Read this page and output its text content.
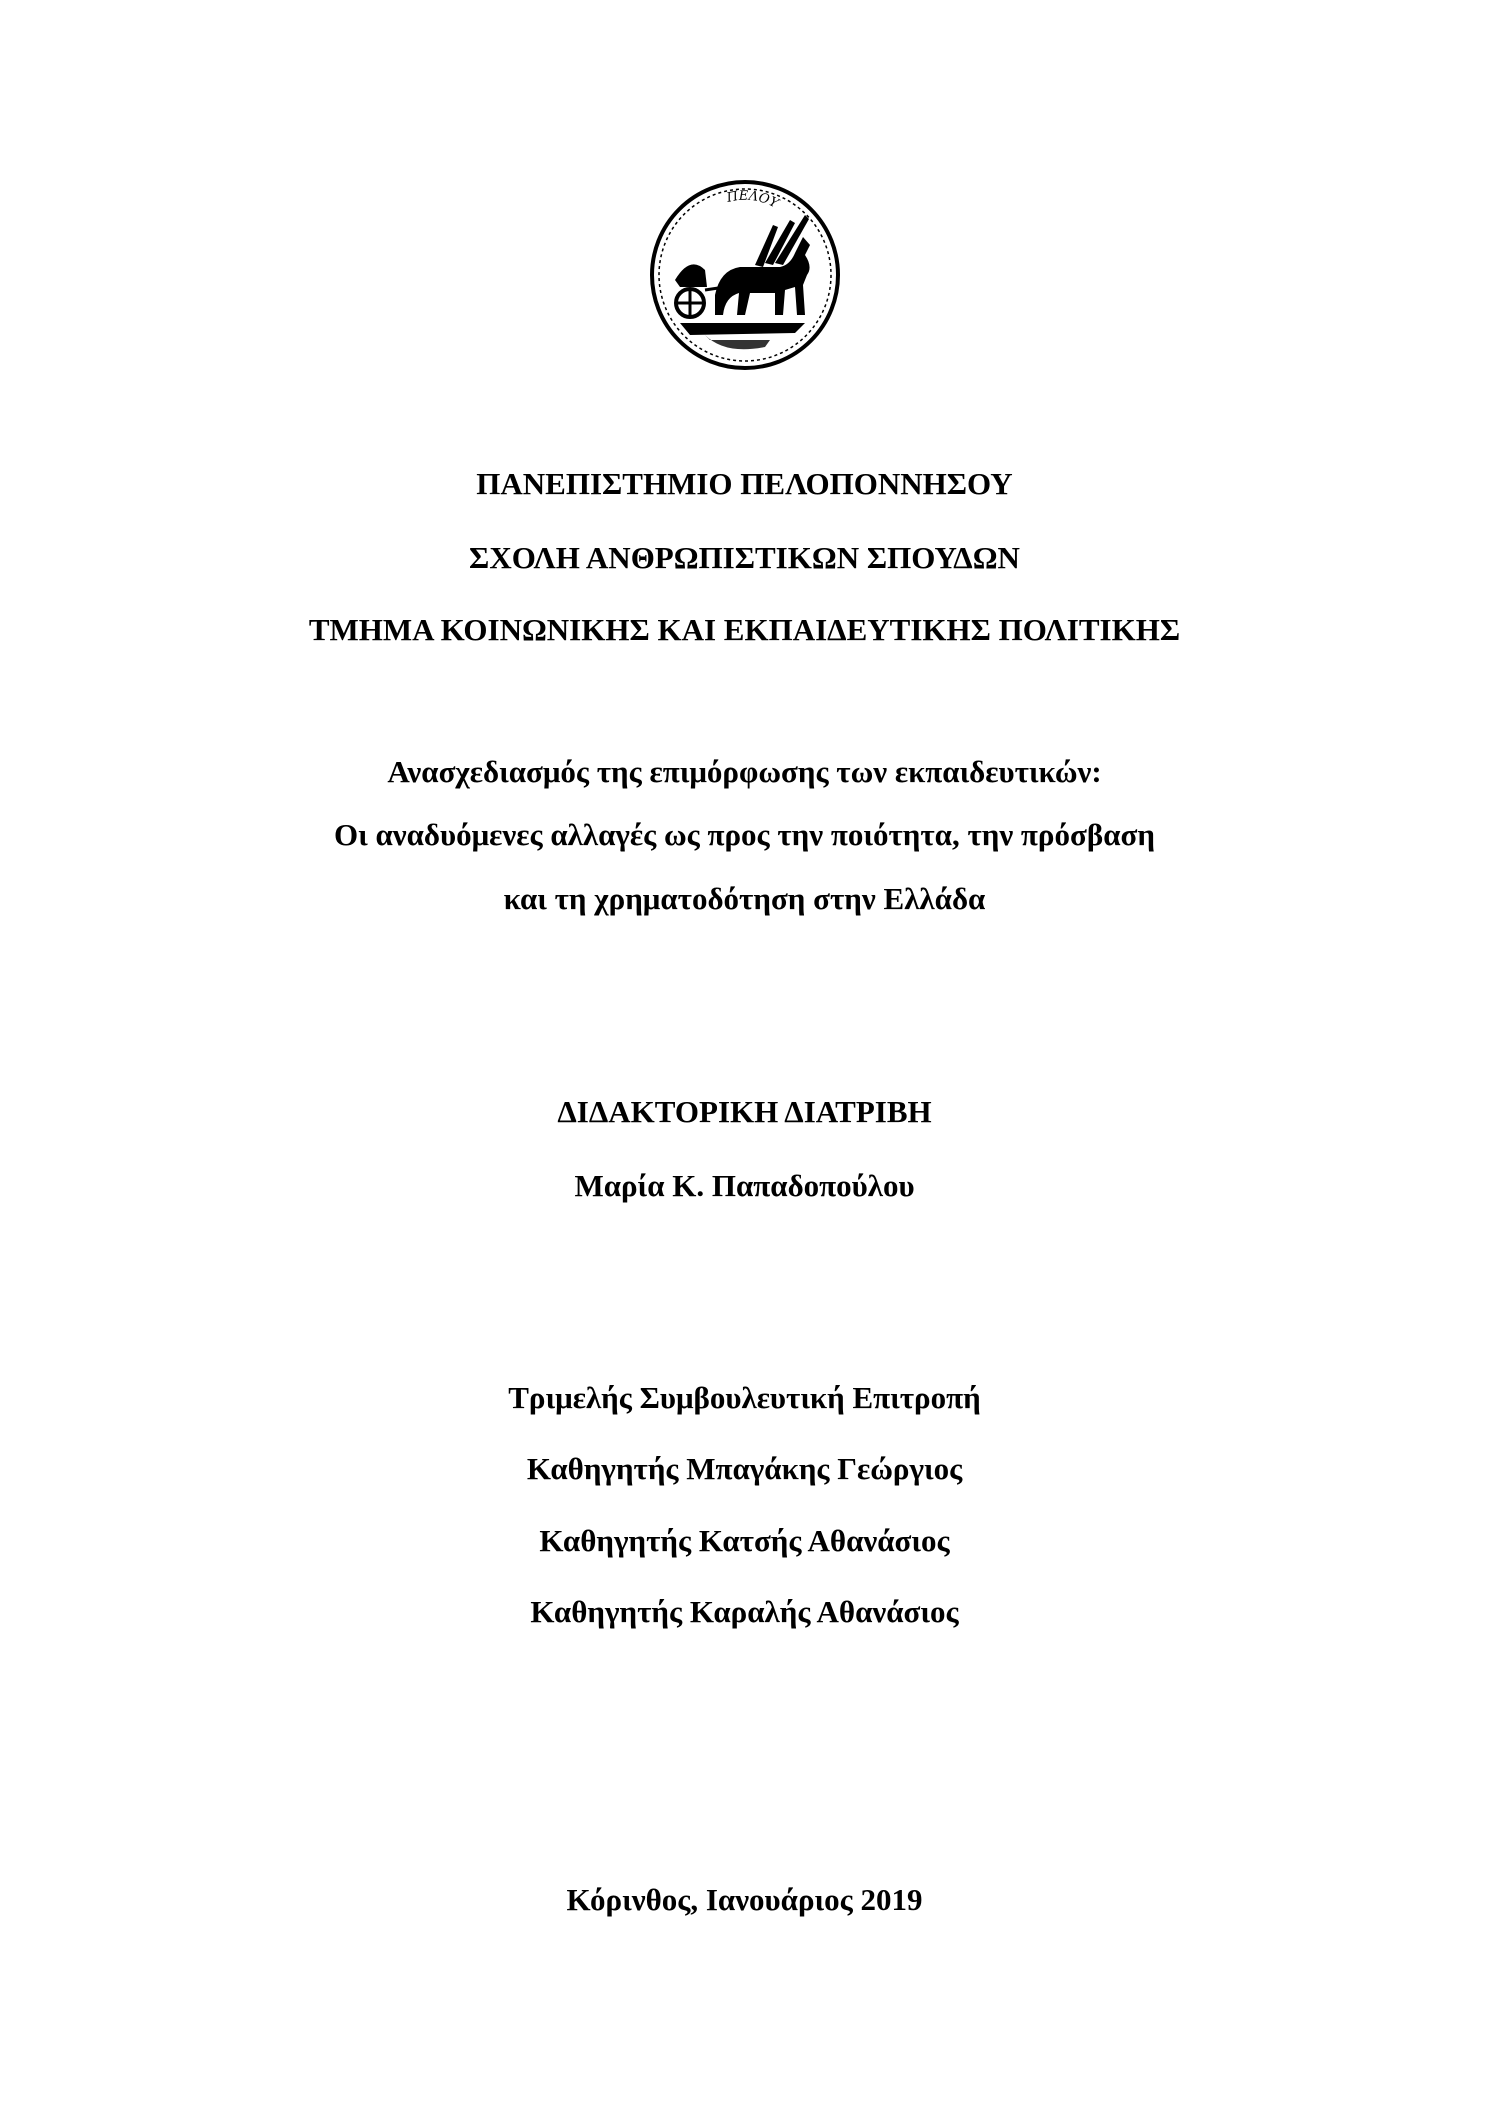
ΠΕΛΟΥ
ΠΑΝΕΠΙΣΤΗΜΙΟ ΠΕΛΟΠΟΝΝΗΣΟΥ
ΣΧΟΛΗ ΑΝΘΡΩΠΙΣΤΙΚΩΝ ΣΠΟΥΔΩΝ
ΤΜΗΜΑ ΚΟΙΝΩΝΙΚΗΣ ΚΑΙ ΕΚΠΑΙΔΕΥΤΙΚΗΣ ΠΟΛΙΤΙΚΗΣ
Ανασχεδιασμός της επιμόρφωσης των εκπαιδευτικών:
Οι αναδυόμενες αλλαγές ως προς την ποιότητα, την πρόσβαση
και τη χρηματοδότηση στην Ελλάδα
ΔΙΔΑΚΤΟΡΙΚΗ ΔΙΑΤΡΙΒΗ
Μαρία Κ. Παπαδοπούλου
Τριμελής Συμβουλευτική Επιτροπή
Καθηγητής Μπαγάκης Γεώργιος
Καθηγητής Κατσής Αθανάσιος
Καθηγητής Καραλής Αθανάσιος
Κόρινθος, Ιανουάριος 2019
